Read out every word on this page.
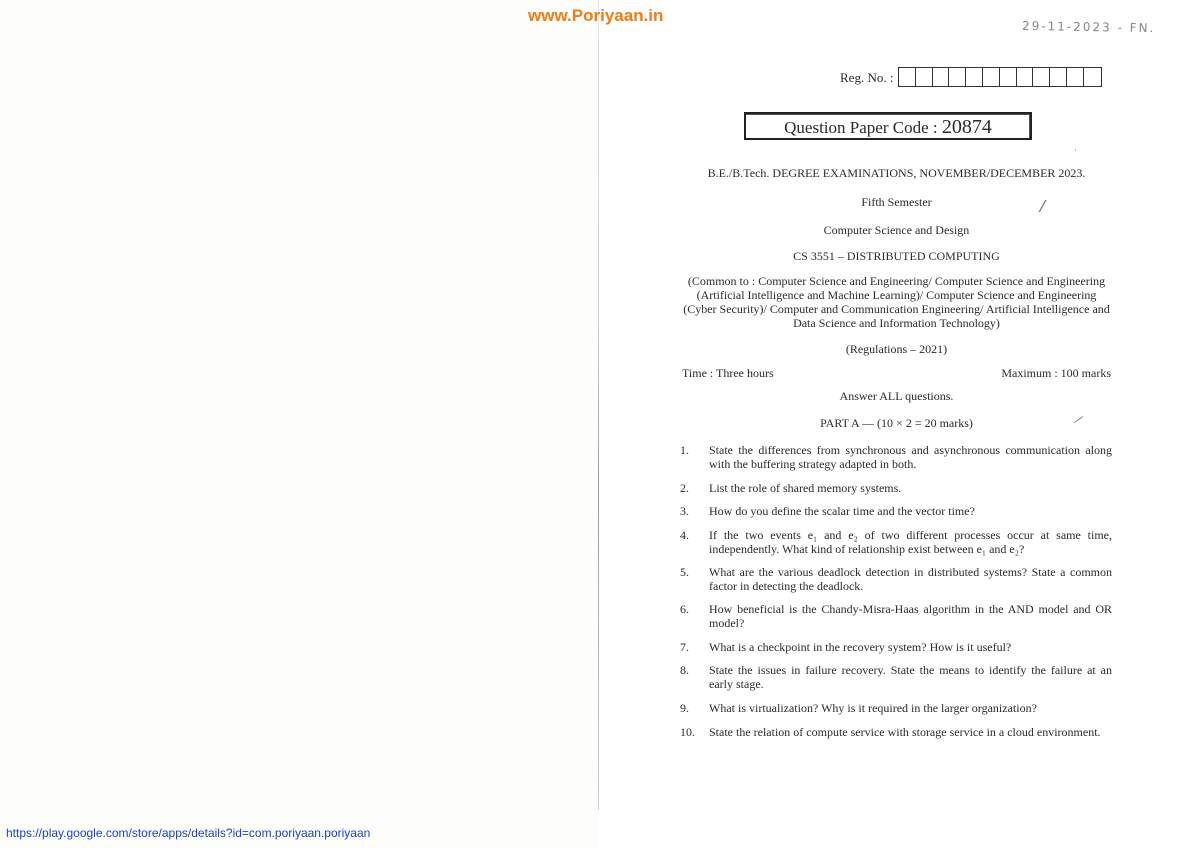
www.Poriyaan.in
29-11-2023 - FN.
Reg. No. :
Question Paper Code : 20874
B.E./B.Tech. DEGREE EXAMINATIONS, NOVEMBER/DECEMBER 2023.
Fifth Semester
Computer Science and Design
CS 3551 – DISTRIBUTED COMPUTING
(Common to : Computer Science and Engineering/ Computer Science and Engineering (Artificial Intelligence and Machine Learning)/ Computer Science and Engineering (Cyber Security)/ Computer and Communication Engineering/ Artificial Intelligence and Data Science and Information Technology)
(Regulations – 2021)
Time : Three hours	Maximum : 100 marks
Answer ALL questions.
PART A — (10 × 2 = 20 marks)
1.	State the differences from synchronous and asynchronous communication along with the buffering strategy adapted in both.
2.	List the role of shared memory systems.
3.	How do you define the scalar time and the vector time?
4.	If the two events e₁ and e₂ of two different processes occur at same time, independently. What kind of relationship exist between e₁ and e₂?
5.	What are the various deadlock detection in distributed systems? State a common factor in detecting the deadlock.
6.	How beneficial is the Chandy-Misra-Haas algorithm in the AND model and OR model?
7.	What is a checkpoint in the recovery system? How is it useful?
8.	State the issues in failure recovery. State the means to identify the failure at an early stage.
9.	What is virtualization? Why is it required in the larger organization?
10.	State the relation of compute service with storage service in a cloud environment.
/
—
·
https://play.google.com/store/apps/details?id=com.poriyaan.poriyaan
